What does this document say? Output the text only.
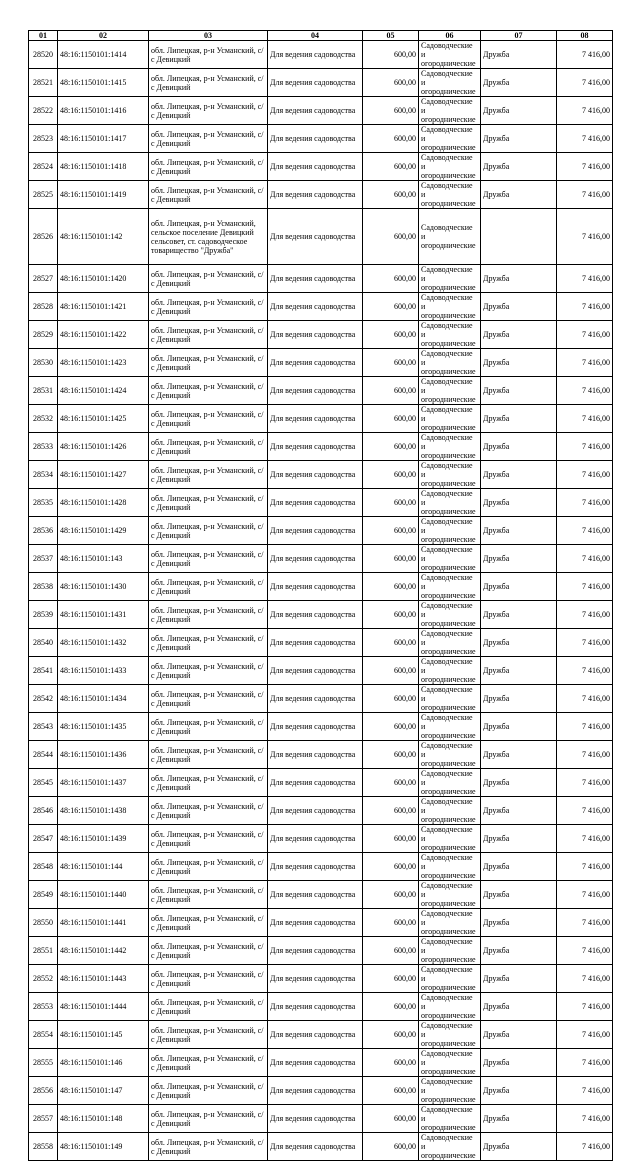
01	02	03	04	05	06	07	08
28520	48:16:1150101:1414	обл. Липецкая, р-н Усманский, с/с Девицкий	Для ведения садоводства	600,00	Садоводческие и огороднические	Дружба	7 416,00
28521	48:16:1150101:1415	обл. Липецкая, р-н Усманский, с/с Девицкий	Для ведения садоводства	600,00	Садоводческие и огороднические	Дружба	7 416,00
28522	48:16:1150101:1416	обл. Липецкая, р-н Усманский, с/с Девицкий	Для ведения садоводства	600,00	Садоводческие и огороднические	Дружба	7 416,00
28523	48:16:1150101:1417	обл. Липецкая, р-н Усманский, с/с Девицкий	Для ведения садоводства	600,00	Садоводческие и огороднические	Дружба	7 416,00
28524	48:16:1150101:1418	обл. Липецкая, р-н Усманский, с/с Девицкий	Для ведения садоводства	600,00	Садоводческие и огороднические	Дружба	7 416,00
28525	48:16:1150101:1419	обл. Липецкая, р-н Усманский, с/с Девицкий	Для ведения садоводства	600,00	Садоводческие и огороднические	Дружба	7 416,00
28526	48:16:1150101:142	обл. Липецкая, р-н Усманский, сельское поселение Девицкий сельсовет, ст. садоводческое товарищество "Дружба"	Для ведения садоводства	600,00	Садоводческие и огороднические		7 416,00
28527	48:16:1150101:1420	обл. Липецкая, р-н Усманский, с/с Девицкий	Для ведения садоводства	600,00	Садоводческие и огороднические	Дружба	7 416,00
28528	48:16:1150101:1421	обл. Липецкая, р-н Усманский, с/с Девицкий	Для ведения садоводства	600,00	Садоводческие и огороднические	Дружба	7 416,00
28529	48:16:1150101:1422	обл. Липецкая, р-н Усманский, с/с Девицкий	Для ведения садоводства	600,00	Садоводческие и огороднические	Дружба	7 416,00
28530	48:16:1150101:1423	обл. Липецкая, р-н Усманский, с/с Девицкий	Для ведения садоводства	600,00	Садоводческие и огороднические	Дружба	7 416,00
28531	48:16:1150101:1424	обл. Липецкая, р-н Усманский, с/с Девицкий	Для ведения садоводства	600,00	Садоводческие и огороднические	Дружба	7 416,00
28532	48:16:1150101:1425	обл. Липецкая, р-н Усманский, с/с Девицкий	Для ведения садоводства	600,00	Садоводческие и огороднические	Дружба	7 416,00
28533	48:16:1150101:1426	обл. Липецкая, р-н Усманский, с/с Девицкий	Для ведения садоводства	600,00	Садоводческие и огороднические	Дружба	7 416,00
28534	48:16:1150101:1427	обл. Липецкая, р-н Усманский, с/с Девицкий	Для ведения садоводства	600,00	Садоводческие и огороднические	Дружба	7 416,00
28535	48:16:1150101:1428	обл. Липецкая, р-н Усманский, с/с Девицкий	Для ведения садоводства	600,00	Садоводческие и огороднические	Дружба	7 416,00
28536	48:16:1150101:1429	обл. Липецкая, р-н Усманский, с/с Девицкий	Для ведения садоводства	600,00	Садоводческие и огороднические	Дружба	7 416,00
28537	48:16:1150101:143	обл. Липецкая, р-н Усманский, с/с Девицкий	Для ведения садоводства	600,00	Садоводческие и огороднические	Дружба	7 416,00
28538	48:16:1150101:1430	обл. Липецкая, р-н Усманский, с/с Девицкий	Для ведения садоводства	600,00	Садоводческие и огороднические	Дружба	7 416,00
28539	48:16:1150101:1431	обл. Липецкая, р-н Усманский, с/с Девицкий	Для ведения садоводства	600,00	Садоводческие и огороднические	Дружба	7 416,00
28540	48:16:1150101:1432	обл. Липецкая, р-н Усманский, с/с Девицкий	Для ведения садоводства	600,00	Садоводческие и огороднические	Дружба	7 416,00
28541	48:16:1150101:1433	обл. Липецкая, р-н Усманский, с/с Девицкий	Для ведения садоводства	600,00	Садоводческие и огороднические	Дружба	7 416,00
28542	48:16:1150101:1434	обл. Липецкая, р-н Усманский, с/с Девицкий	Для ведения садоводства	600,00	Садоводческие и огороднические	Дружба	7 416,00
28543	48:16:1150101:1435	обл. Липецкая, р-н Усманский, с/с Девицкий	Для ведения садоводства	600,00	Садоводческие и огороднические	Дружба	7 416,00
28544	48:16:1150101:1436	обл. Липецкая, р-н Усманский, с/с Девицкий	Для ведения садоводства	600,00	Садоводческие и огороднические	Дружба	7 416,00
28545	48:16:1150101:1437	обл. Липецкая, р-н Усманский, с/с Девицкий	Для ведения садоводства	600,00	Садоводческие и огороднические	Дружба	7 416,00
28546	48:16:1150101:1438	обл. Липецкая, р-н Усманский, с/с Девицкий	Для ведения садоводства	600,00	Садоводческие и огороднические	Дружба	7 416,00
28547	48:16:1150101:1439	обл. Липецкая, р-н Усманский, с/с Девицкий	Для ведения садоводства	600,00	Садоводческие и огороднические	Дружба	7 416,00
28548	48:16:1150101:144	обл. Липецкая, р-н Усманский, с/с Девицкий	Для ведения садоводства	600,00	Садоводческие и огороднические	Дружба	7 416,00
28549	48:16:1150101:1440	обл. Липецкая, р-н Усманский, с/с Девицкий	Для ведения садоводства	600,00	Садоводческие и огороднические	Дружба	7 416,00
28550	48:16:1150101:1441	обл. Липецкая, р-н Усманский, с/с Девицкий	Для ведения садоводства	600,00	Садоводческие и огороднические	Дружба	7 416,00
28551	48:16:1150101:1442	обл. Липецкая, р-н Усманский, с/с Девицкий	Для ведения садоводства	600,00	Садоводческие и огороднические	Дружба	7 416,00
28552	48:16:1150101:1443	обл. Липецкая, р-н Усманский, с/с Девицкий	Для ведения садоводства	600,00	Садоводческие и огороднические	Дружба	7 416,00
28553	48:16:1150101:1444	обл. Липецкая, р-н Усманский, с/с Девицкий	Для ведения садоводства	600,00	Садоводческие и огороднические	Дружба	7 416,00
28554	48:16:1150101:145	обл. Липецкая, р-н Усманский, с/с Девицкий	Для ведения садоводства	600,00	Садоводческие и огороднические	Дружба	7 416,00
28555	48:16:1150101:146	обл. Липецкая, р-н Усманский, с/с Девицкий	Для ведения садоводства	600,00	Садоводческие и огороднические	Дружба	7 416,00
28556	48:16:1150101:147	обл. Липецкая, р-н Усманский, с/с Девицкий	Для ведения садоводства	600,00	Садоводческие и огороднические	Дружба	7 416,00
28557	48:16:1150101:148	обл. Липецкая, р-н Усманский, с/с Девицкий	Для ведения садоводства	600,00	Садоводческие и огороднические	Дружба	7 416,00
28558	48:16:1150101:149	обл. Липецкая, р-н Усманский, с/с Девицкий	Для ведения садоводства	600,00	Садоводческие и огороднические	Дружба	7 416,00
